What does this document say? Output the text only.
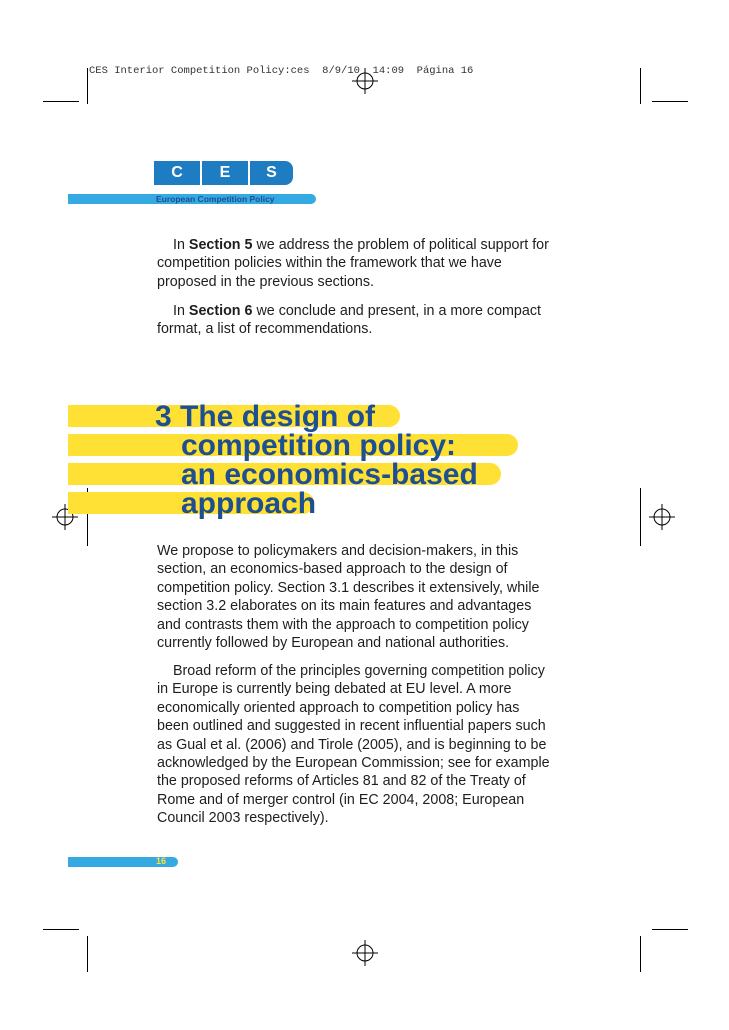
CES Interior Competition Policy:ces  8/9/10  14:09  Página 16
C	E	S
European Competition Policy

In Section 5 we address the problem of political support for competition policies within the framework that we have proposed in the previous sections.

In Section 6 we conclude and present, in a more compact format, a list of recommendations.

3 The design of
competition policy:
an economics-based
approach

We propose to policymakers and decision-makers, in this section, an economics-based approach to the design of competition policy. Section 3.1 describes it extensively, while section 3.2 elaborates on its main features and advantages and contrasts them with the approach to competition policy currently followed by European and national authorities.

Broad reform of the principles governing competition policy in Europe is currently being debated at EU level. A more economically oriented approach to competition policy has been outlined and suggested in recent influential papers such as Gual et al. (2006) and Tirole (2005), and is beginning to be acknowledged by the European Commission; see for example the proposed reforms of Articles 81 and 82 of the Treaty of Rome and of merger control (in EC 2004, 2008; European Council 2003 respectively).

16
